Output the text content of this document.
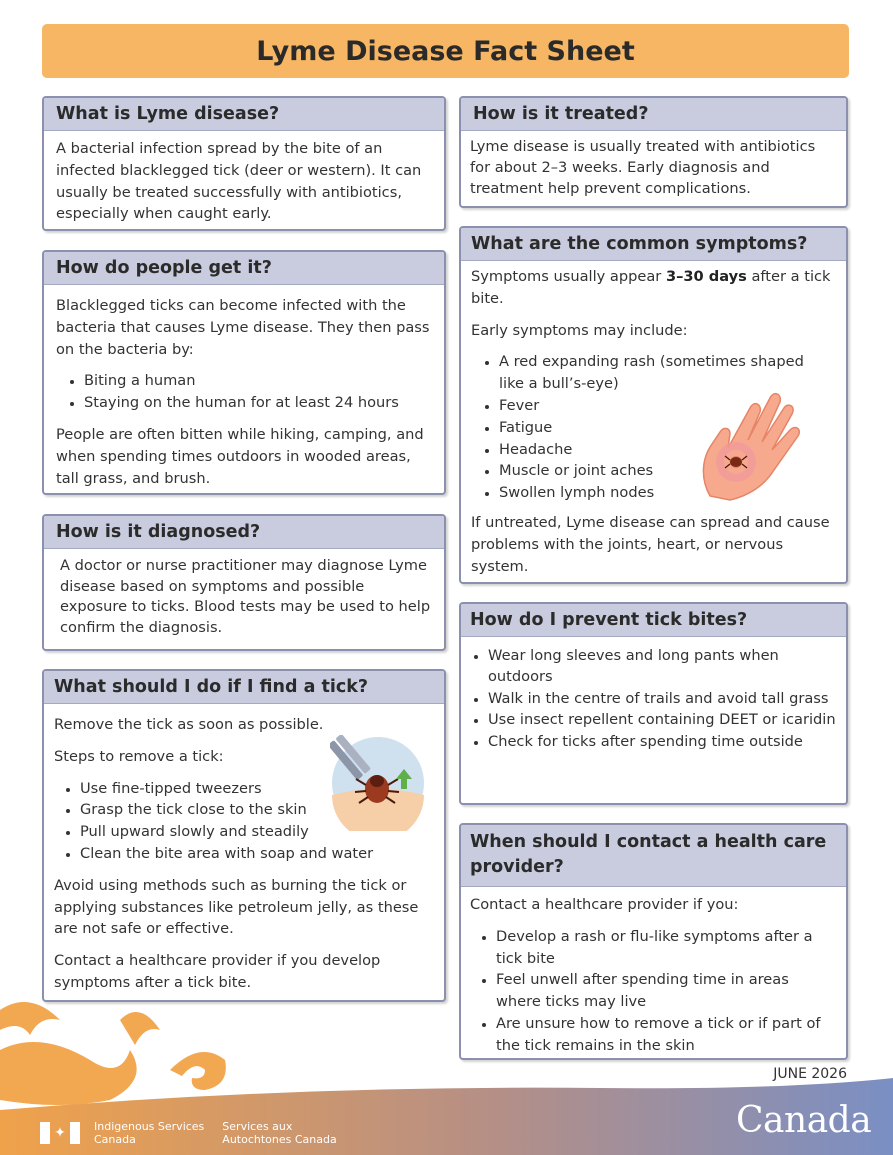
Lyme Disease Fact Sheet
What is Lyme disease?

A bacterial infection spread by the bite of an infected blacklegged tick (deer or western). It can usually be treated successfully with antibiotics, especially when caught early.

How do people get it?

Blacklegged ticks can become infected with the bacteria that causes Lyme disease. They then pass on the bacteria by:

• Biting a human
• Staying on the human for at least 24 hours

People are often bitten while hiking, camping, and when spending times outdoors in wooded areas, tall grass, and brush.

How is it diagnosed?

A doctor or nurse practitioner may diagnose Lyme disease based on symptoms and possible exposure to ticks. Blood tests may be used to help confirm the diagnosis.

What should I do if I find a tick?

Remove the tick as soon as possible.

Steps to remove a tick:

• Use fine-tipped tweezers
• Grasp the tick close to the skin
• Pull upward slowly and steadily
• Clean the bite area with soap and water

Avoid using methods such as burning the tick or applying substances like petroleum jelly, as these are not safe or effective.

Contact a healthcare provider if you develop symptoms after a tick bite.

How is it treated?

Lyme disease is usually treated with antibiotics for about 2–3 weeks. Early diagnosis and treatment help prevent complications.

What are the common symptoms?

Symptoms usually appear 3–30 days after a tick bite.

Early symptoms may include:

• A red expanding rash (sometimes shaped like a bull’s-eye)
• Fever
• Fatigue
• Headache
• Muscle or joint aches
• Swollen lymph nodes

If untreated, Lyme disease can spread and cause problems with the joints, heart, or nervous system.

How do I prevent tick bites?
• Wear long sleeves and long pants when outdoors
• Walk in the centre of trails and avoid tall grass
• Use insect repellent containing DEET or icaridin
• Check for ticks after spending time outside
When should I contact a health care provider?

Contact a healthcare provider if you:

• Develop a rash or flu-like symptoms after a tick bite
• Feel unwell after spending time in areas where ticks may live
• Are unsure how to remove a tick or if part of the tick remains in the skin
JUNE 2026
✦	Indigenous Services
Canada
Services aux
Autochtones Canada	Canada
